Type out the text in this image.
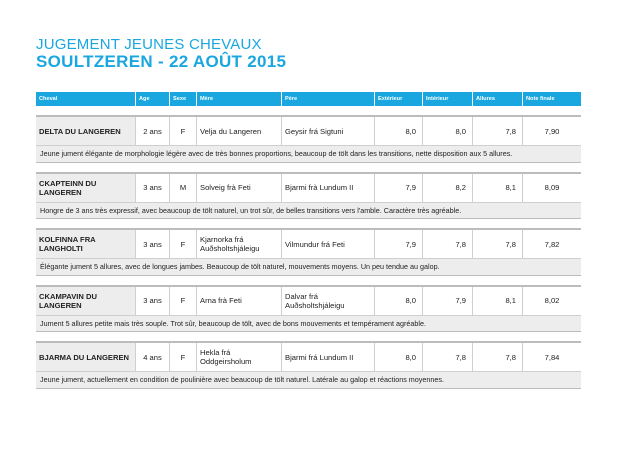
JUGEMENT JEUNES CHEVAUX
SOULTZEREN - 22 AOÛT 2015
Cheval	Age	Sexe	Mère	Père	Extérieur	Intérieur	Allures	Note finale
DELTA DU LANGEREN	2 ans	F	Velja du Langeren	Geysir frá Sigtuni	8,0	8,0	7,8	7,90
Jeune jument élégante de morphologie légère avec de très bonnes proportions, beaucoup de tölt dans les transitions, nette disposition aux 5 allures.
CKAPTEINN DU LANGEREN	3 ans	M	Solveig frà Feti	Bjarmi frà Lundum II	7,9	8,2	8,1	8,09
Hongre de 3 ans très expressif, avec beaucoup de tölt naturel, un trot sûr, de belles transitions vers l'amble. Caractère très agréable.
KOLFINNA FRA LANGHOLTI	3 ans	F	Kjarnorka frá Auðsholtshjáleigu	Vilmundur frá Feti	7,9	7,8	7,8	7,82
Élégante jument 5 allures, avec de longues jambes. Beaucoup de tölt naturel, mouvements moyens. Un peu tendue au galop.
CKAMPAVIN DU LANGEREN	3 ans	F	Arna frà Feti	Dalvar frá Auðsholtshjáleigu	8,0	7,9	8,1	8,02
Jument 5 allures petite mais très souple. Trot sûr, beaucoup de tölt, avec de bons mouvements et tempérament agréable.
BJARMA DU LANGEREN	4 ans	F	Hekla frá Oddgeirsholum	Bjarmi frá Lundum II	8,0	7,8	7,8	7,84
Jeune jument, actuellement en condition de poulinière avec beaucoup de tölt naturel. Latérale au galop et réactions moyennes.
